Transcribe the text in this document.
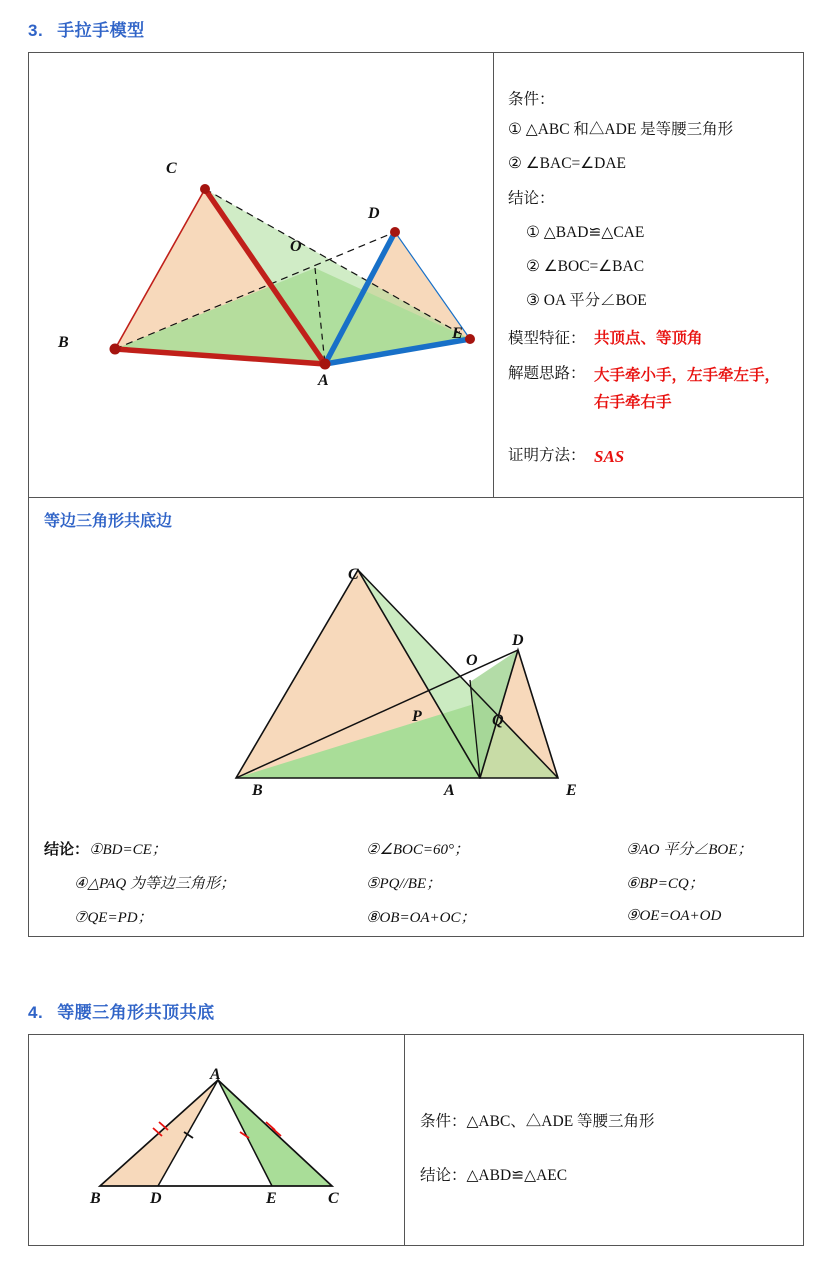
3. 手拉手模型
C
D
O
B
E
A
条件：
① △ABC 和△ADE 是等腰三角形
② ∠BAC=∠DAE
结论：
① △BAD≌△CAE
② ∠BOC=∠BAC
③ OA 平分∠BOE
模型特征： 共顶点、等顶角
解题思路： 大手牵小手，左手牵左手，右手牵右手
证明方法： SAS
等边三角形共底边
C
D
O
P	Q
B	A	E
结论：①BD=CE；	②∠BOC=60°；	③AO 平分∠BOE；
④△PAQ 为等边三角形；	⑤PQ//BE；	⑥BP=CQ；
⑦QE=PD；	⑧OB=OA+OC；	⑨OE=OA+OD
4. 等腰三角形共顶共底
A
B	D	E	C
条件：△ABC、△ADE 等腰三角形
结论：△ABD≌△AEC
